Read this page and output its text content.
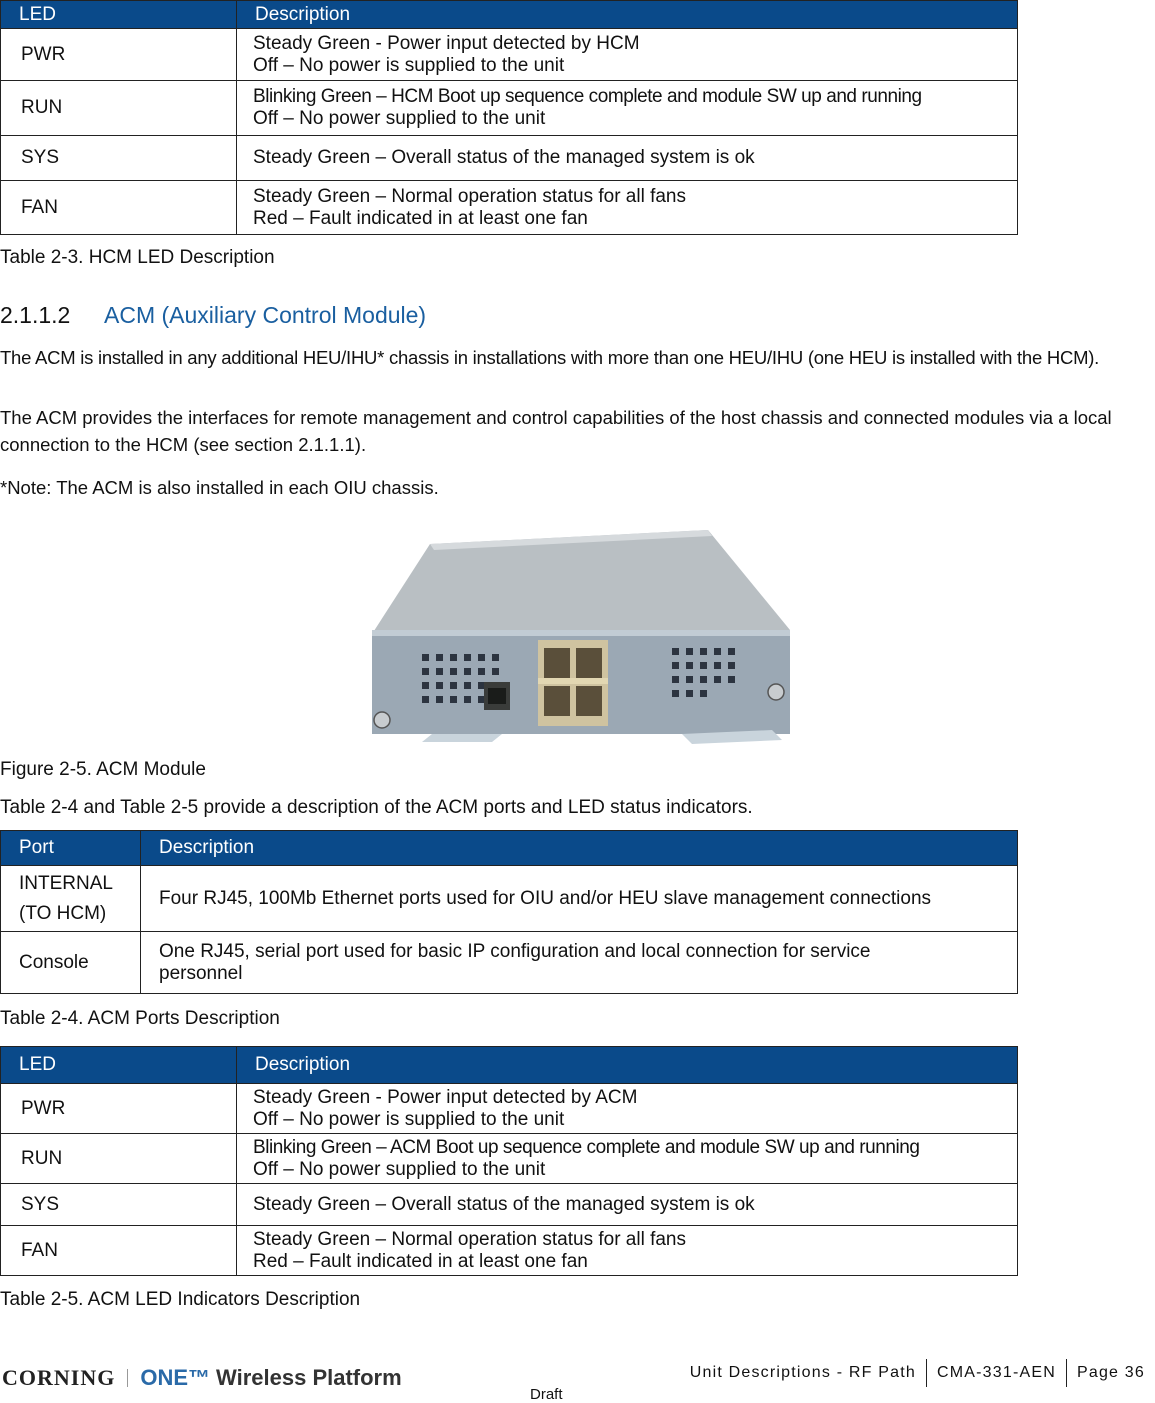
LED	Description
PWR	Steady Green - Power input detected by HCM
Off – No power is supplied to the unit

RUN	Blinking Green – HCM Boot up sequence complete and module SW up and running
Off – No power supplied to the unit

SYS	Steady Green – Overall status of the managed system is ok

FAN	Steady Green – Normal operation status for all fans
Red – Fault indicated in at least one fan
Table 2-3. HCM LED Description
2.1.1.2 ACM (Auxiliary Control Module)
The ACM is installed in any additional HEU/IHU* chassis in installations with more than one HEU/IHU (one HEU is installed with the HCM).
The ACM provides the interfaces for remote management and control capabilities of the host chassis and connected modules via a local connection to the HCM (see section 2.1.1.1).
*Note: The ACM is also installed in each OIU chassis.
Figure 2-5. ACM Module
Table 2-4 and Table 2-5 provide a description of the ACM ports and LED status indicators.
Port	Description

INTERNAL
(TO HCM)	Four RJ45, 100Mb Ethernet ports used for OIU and/or HEU slave management connections
Console	One RJ45, serial port used for basic IP configuration and local connection for service personnel
Table 2-4. ACM Ports Description
LED	Description
PWR	Steady Green - Power input detected by ACM
Off – No power is supplied to the unit

RUN	Blinking Green – ACM Boot up sequence complete and module SW up and running
Off – No power supplied to the unit

SYS	Steady Green – Overall status of the managed system is ok

FAN	Steady Green – Normal operation status for all fans
Red – Fault indicated in at least one fan
Table 2-5. ACM LED Indicators Description
CORNING ONE™ Wireless Platform	Unit Descriptions - RF Path CMA-331-AEN Page 36
Draft
